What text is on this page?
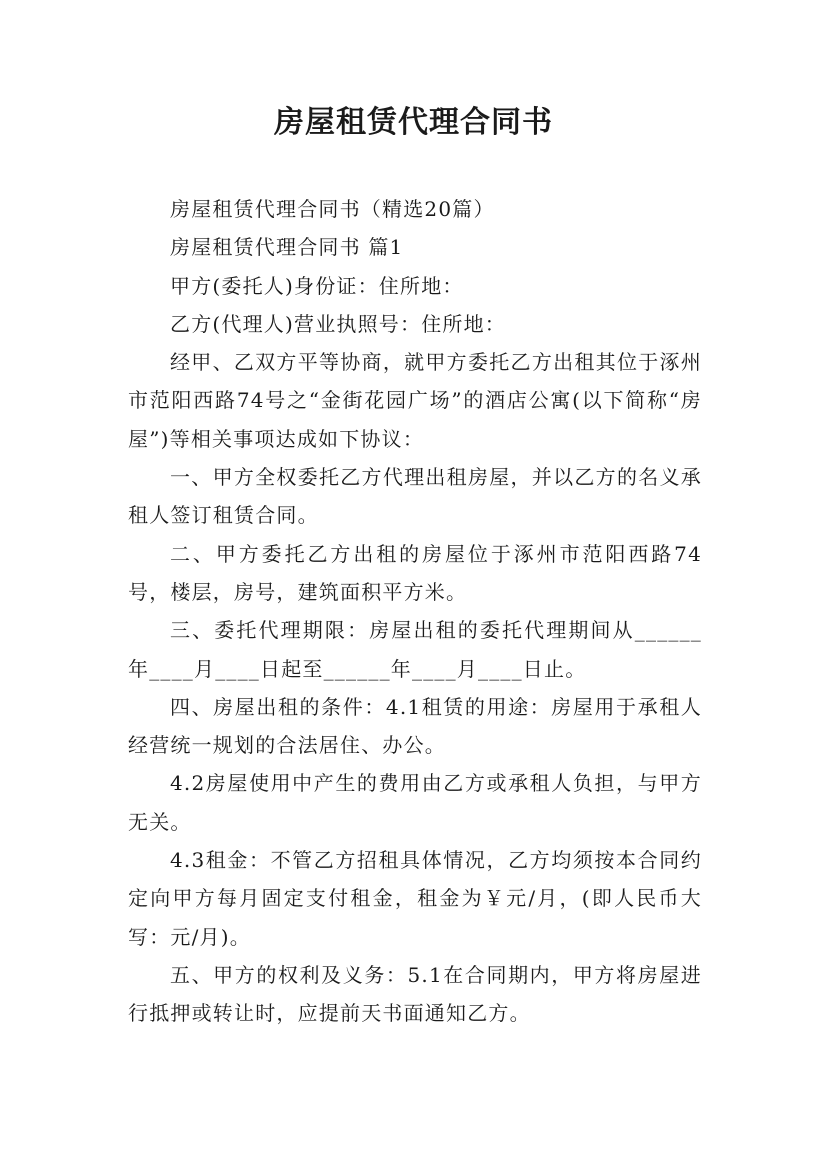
房屋租赁代理合同书

房屋租赁代理合同书（精选20篇）

房屋租赁代理合同书 篇1

甲方(委托人)身份证：住所地：

乙方(代理人)营业执照号：住所地：

经甲、乙双方平等协商，就甲方委托乙方出租其位于涿州市范阳西路74号之“金街花园广场”的酒店公寓(以下简称“房屋”)等相关事项达成如下协议：

一、甲方全权委托乙方代理出租房屋，并以乙方的名义承租人签订租赁合同。

二、甲方委托乙方出租的房屋位于涿州市范阳西路74号，楼层，房号，建筑面积平方米。

三、委托代理期限：房屋出租的委托代理期间从______年____月____日起至______年____月____日止。

四、房屋出租的条件：4.1租赁的用途：房屋用于承租人经营统一规划的合法居住、办公。

4.2房屋使用中产生的费用由乙方或承租人负担，与甲方无关。

4.3租金：不管乙方招租具体情况，乙方均须按本合同约定向甲方每月固定支付租金，租金为￥元/月，(即人民币大写：元/月)。

五、甲方的权利及义务：5.1在合同期内，甲方将房屋进行抵押或转让时，应提前天书面通知乙方。
